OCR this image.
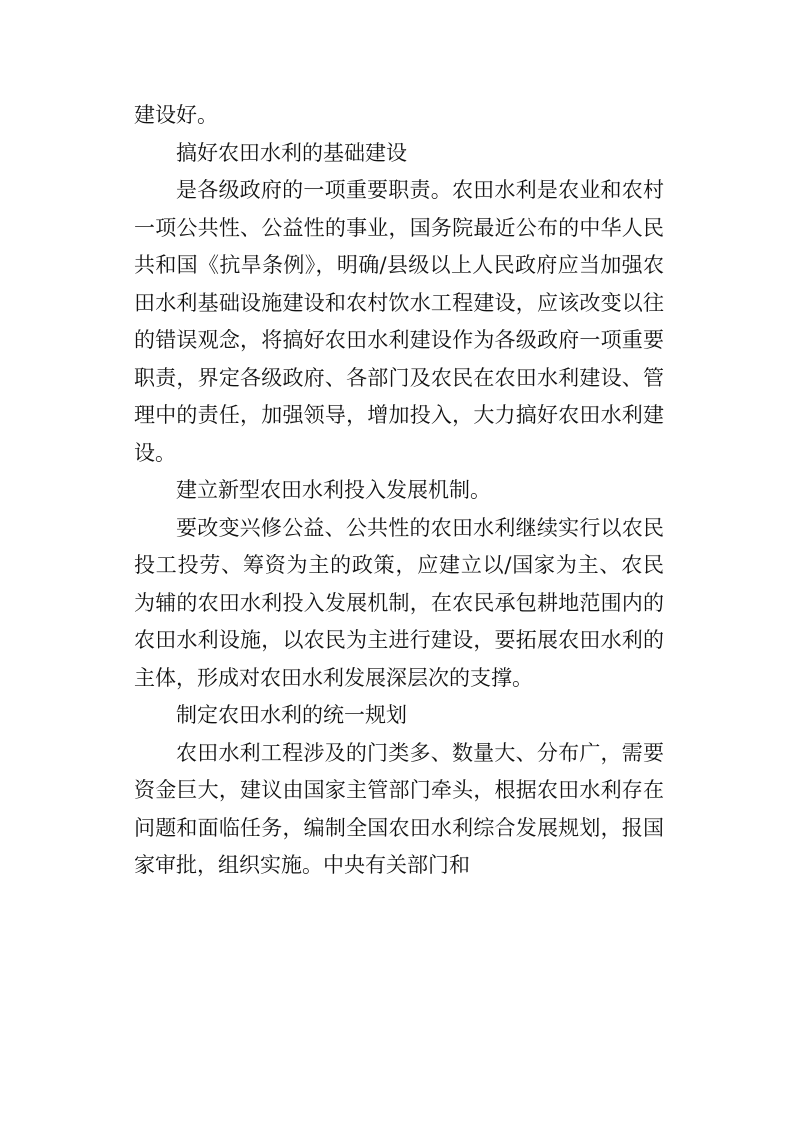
建设好。

搞好农田水利的基础建设

是各级政府的一项重要职责。农田水利是农业和农村一项公共性、公益性的事业，国务院最近公布的中华人民共和国《抗旱条例》，明确/县级以上人民政府应当加强农田水利基础设施建设和农村饮水工程建设，应该改变以往的错误观念，将搞好农田水利建设作为各级政府一项重要职责，界定各级政府、各部门及农民在农田水利建设、管理中的责任，加强领导，增加投入，大力搞好农田水利建设。

建立新型农田水利投入发展机制。

要改变兴修公益、公共性的农田水利继续实行以农民投工投劳、筹资为主的政策，应建立以/国家为主、农民为辅的农田水利投入发展机制，在农民承包耕地范围内的农田水利设施，以农民为主进行建设，要拓展农田水利的主体，形成对农田水利发展深层次的支撑。

制定农田水利的统一规划

农田水利工程涉及的门类多、数量大、分布广，需要资金巨大，建议由国家主管部门牵头，根据农田水利存在问题和面临任务，编制全国农田水利综合发展规划，报国家审批，组织实施。中央有关部门和
